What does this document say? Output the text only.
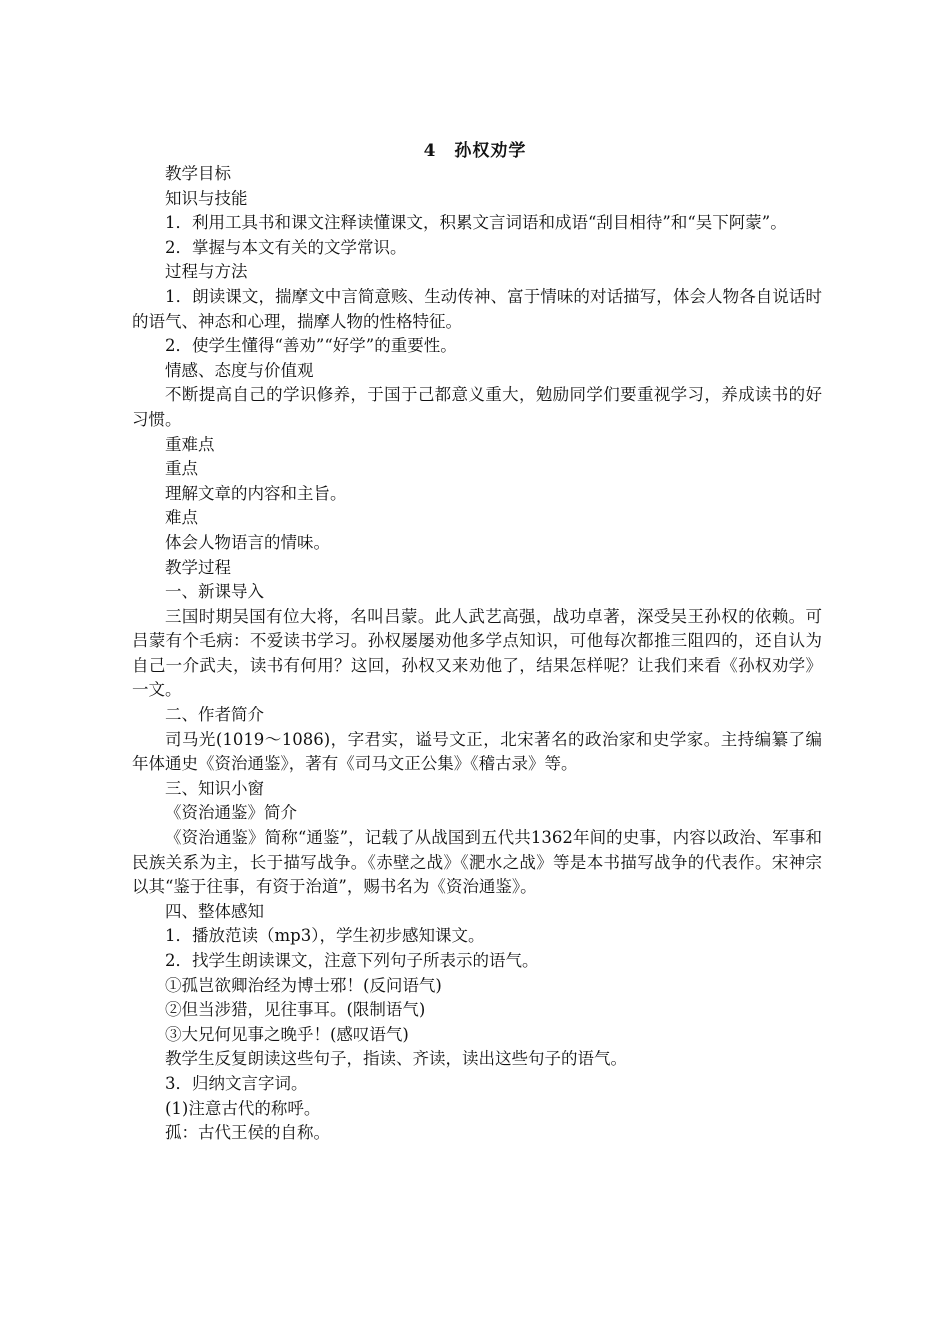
4　孙权劝学

教学目标

知识与技能

1．利用工具书和课文注释读懂课文，积累文言词语和成语“刮目相待”和“吴下阿蒙”。

2．掌握与本文有关的文学常识。

过程与方法

1．朗读课文，揣摩文中言简意赅、生动传神、富于情味的对话描写，体会人物各自说话时的语气、神态和心理，揣摩人物的性格特征。

2．使学生懂得“善劝”“好学”的重要性。

情感、态度与价值观

不断提高自己的学识修养，于国于己都意义重大，勉励同学们要重视学习，养成读书的好习惯。

重难点

重点

理解文章的内容和主旨。

难点

体会人物语言的情味。

教学过程

一、新课导入

三国时期吴国有位大将，名叫吕蒙。此人武艺高强，战功卓著，深受吴王孙权的依赖。可吕蒙有个毛病：不爱读书学习。孙权屡屡劝他多学点知识，可他每次都推三阻四的，还自认为自己一介武夫，读书有何用？这回，孙权又来劝他了，结果怎样呢？让我们来看《孙权劝学》一文。

二、作者简介

司马光(1019～1086)，字君实，谥号文正，北宋著名的政治家和史学家。主持编纂了编年体通史《资治通鉴》，著有《司马文正公集》《稽古录》等。

三、知识小窗

《资治通鉴》简介

《资治通鉴》简称“通鉴”，记载了从战国到五代共1362年间的史事，内容以政治、军事和民族关系为主，长于描写战争。《赤壁之战》《淝水之战》等是本书描写战争的代表作。宋神宗以其“鉴于往事，有资于治道”，赐书名为《资治通鉴》。

四、整体感知

1．播放范读（mp3），学生初步感知课文。

2．找学生朗读课文，注意下列句子所表示的语气。

①孤岂欲卿治经为博士邪！(反问语气)

②但当涉猎，见往事耳。(限制语气)

③大兄何见事之晚乎！(感叹语气)

教学生反复朗读这些句子，指读、齐读，读出这些句子的语气。

3．归纳文言字词。

(1)注意古代的称呼。

孤：古代王侯的自称。
